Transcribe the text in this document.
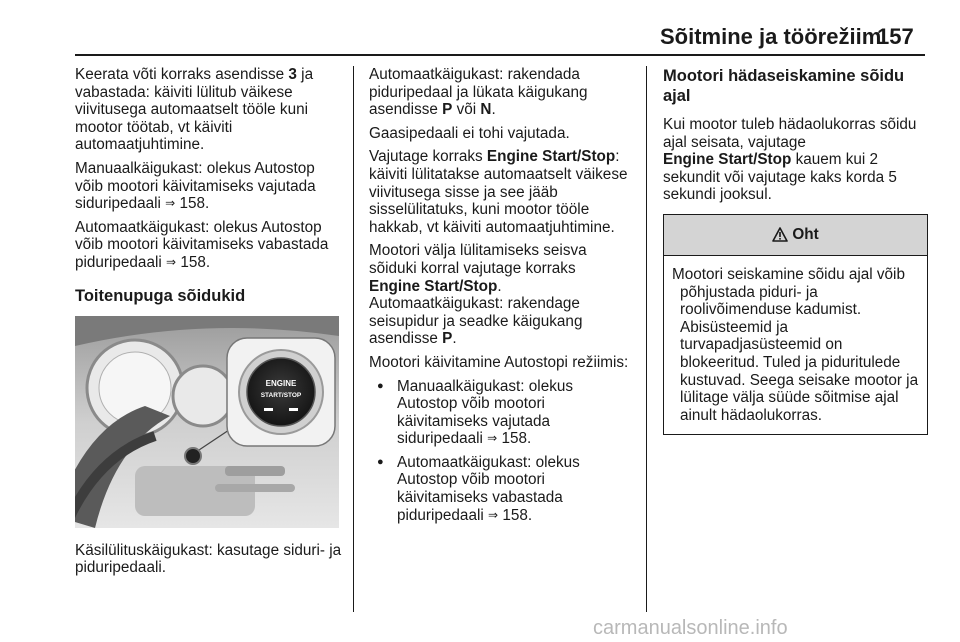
Sõitmine ja töörežiim
157

Keerata võti korraks asendisse 3 ja vabastada: käiviti lülitub väikese viivitusega automaatselt tööle kuni mootor töötab, vt käiviti automaatjuhtimine.

Manuaalkäigukast: olekus Autostop võib mootori käivitamiseks vajutada siduripedaali ⇒ 158.

Automaatkäigukast: olekus Autostop võib mootori käivitamiseks vabastada piduripedaali ⇒ 158.

Toitenupuga sõidukid
ENGINE
START/STOP

Käsilülituskäigukast: kasutage siduri- ja piduripedaali.

Automaatkäigukast: rakendada piduripedaal ja lükata käigukang asendisse P või N.

Gaasipedaali ei tohi vajutada.

Vajutage korraks Engine Start/Stop: käiviti lülitatakse automaatselt väikese viivitusega sisse ja see jääb sisselülitatuks, kuni mootor tööle hakkab, vt käiviti automaatjuhtimine.

Mootori välja lülitamiseks seisva sõiduki korral vajutage korraks
Engine Start/Stop.
Automaatkäigukast: rakendage seisupidur ja seadke käigukang asendisse P.

Mootori käivitamine Autostopi režiimis:

● Manuaalkäigukast: olekus Autostop võib mootori käivitamiseks vajutada siduripedaali ⇒ 158.
● Automaatkäigukast: olekus Autostop võib mootori käivitamiseks vabastada piduripedaali ⇒ 158.
Mootori hädaseiskamine sõidu ajal

Kui mootor tuleb hädaolukorras sõidu ajal seisata, vajutage
Engine Start/Stop kauem kui 2 sekundit või vajutage kaks korda 5 sekundi jooksul.

Oht
Mootori seiskamine sõidu ajal võib põhjustada piduri- ja roolivõimenduse kadumist. Abisüsteemid ja turvapadjasüsteemid on blokeeritud. Tuled ja piduritulede kustuvad. Seega seisake mootor ja lülitage välja süüde sõitmise ajal ainult hädaolukorras.
carmanualsonline.info
